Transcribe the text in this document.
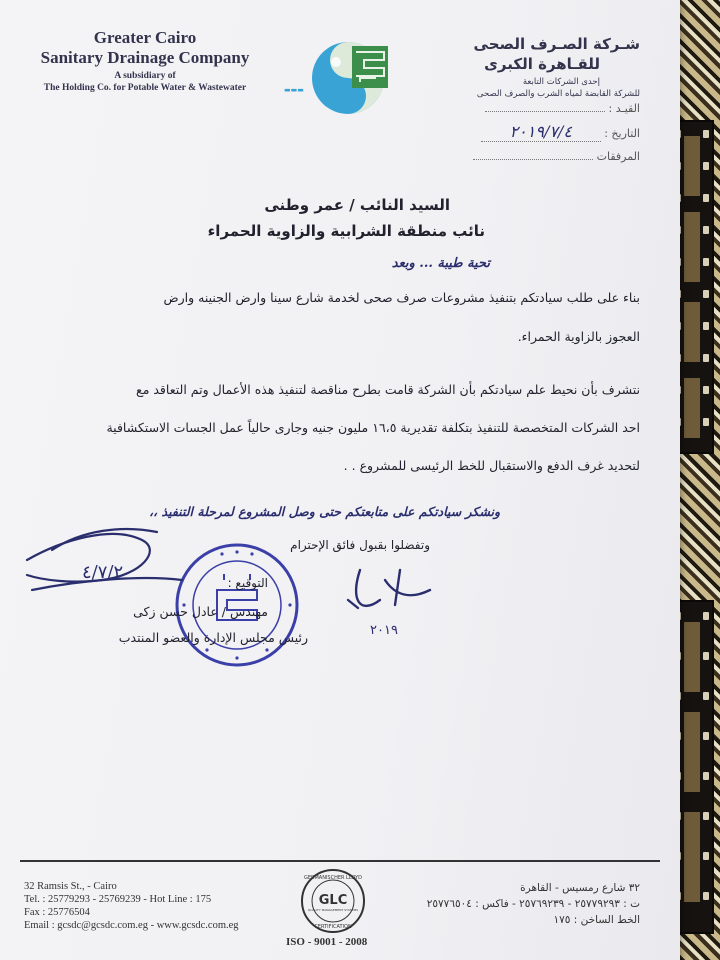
Greater Cairo
Sanitary Drainage Company
A subsidiary of
The Holding Co. for Potable Water & Wastewater	▬▬▬
شـركة الصـرف الصحى
للقـاهرة الكبرى
إحدى الشركات التابعة
للشركة القابضة لمياه الشرب والصرف الصحى
القيـد :
التاريخ : ٢٠١٩/٧/٤
المرفقات
السيد النائب / عمر وطنى
نائب منطقة الشرابية والزاوية الحمراء
تحية طيبة ... وبعد
بناء على طلب سيادتكم بتنفيذ مشروعات صرف صحى لخدمة شارع سينا وارض الجنينه وارض
العجوز بالزاوية الحمراء.
نتشرف بأن نحيط علم سيادتكم بأن الشركة قامت بطرح مناقصة لتنفيذ هذه الأعمال وتم التعاقد مع
احد الشركات المتخصصة للتنفيذ بتكلفة تقديرية ١٦،٥ مليون جنيه وجارى حالياً عمل الجسات الاستكشافية
لتحديد غرف الدفع والاستقبال للخط الرئيسى للمشروع . .
ونشكر سيادتكم على متابعتكم حتى وصل المشروع لمرحلة التنفيذ ،،
وتفضلوا بقبول فائق الإحترام
التوقيع :
مهندس / عادل حسن زكى
رئيس مجلس الإدارة والعضو المنتدب
٤/٧/٢
٢٠١٩
32 Ramsis St., - Cairo
Tel. : 25779293 - 25769239 - Hot Line : 175
Fax : 25776504
Email : gcsdc@gcsdc.com.eg - www.gcsdc.com.eg
GERMANISCHER LLOYD
GLC
QUALITY MANAGEMENT SYSTEMS
CERTIFICATION
ISO - 9001 - 2008
٣٢ شارع رمسيس - القاهرة
ت : ٢٥٧٧٩٢٩٣ - ٢٥٧٦٩٢٣٩ - فاكس : ٢٥٧٧٦٥٠٤
الخط الساخن : ١٧٥
